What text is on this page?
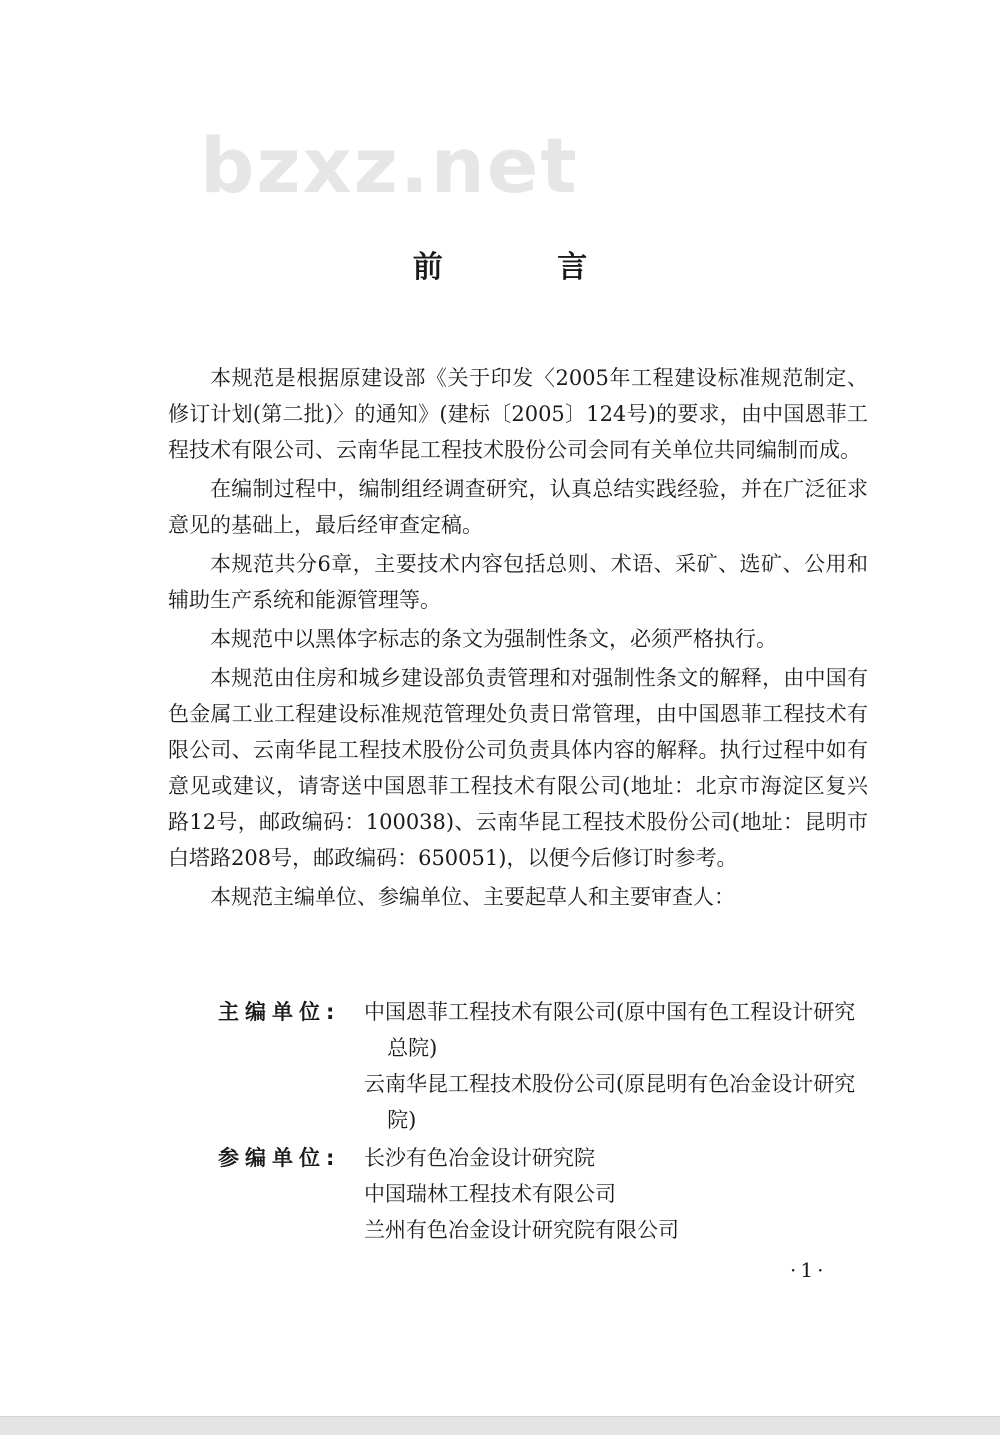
bzxz.net
前 言

本规范是根据原建设部《关于印发〈2005年工程建设标准规范制定、修订计划(第二批)〉的通知》(建标〔2005〕124号)的要求，由中国恩菲工程技术有限公司、云南华昆工程技术股份公司会同有关单位共同编制而成。

在编制过程中，编制组经调查研究，认真总结实践经验，并在广泛征求意见的基础上，最后经审查定稿。

本规范共分6章，主要技术内容包括总则、术语、采矿、选矿、公用和辅助生产系统和能源管理等。

本规范中以黑体字标志的条文为强制性条文，必须严格执行。

本规范由住房和城乡建设部负责管理和对强制性条文的解释，由中国有色金属工业工程建设标准规范管理处负责日常管理，由中国恩菲工程技术有限公司、云南华昆工程技术股份公司负责具体内容的解释。执行过程中如有意见或建议，请寄送中国恩菲工程技术有限公司(地址：北京市海淀区复兴路12号，邮政编码：100038)、云南华昆工程技术股份公司(地址：昆明市白塔路208号，邮政编码：650051)，以便今后修订时参考。

本规范主编单位、参编单位、主要起草人和主要审查人：

主编单位:	中国恩菲工程技术有限公司(原中国有色工程设计研究总院)
云南华昆工程技术股份公司(原昆明有色冶金设计研究院)
参编单位:	长沙有色冶金设计研究院
中国瑞林工程技术有限公司
兰州有色冶金设计研究院有限公司
·1·
